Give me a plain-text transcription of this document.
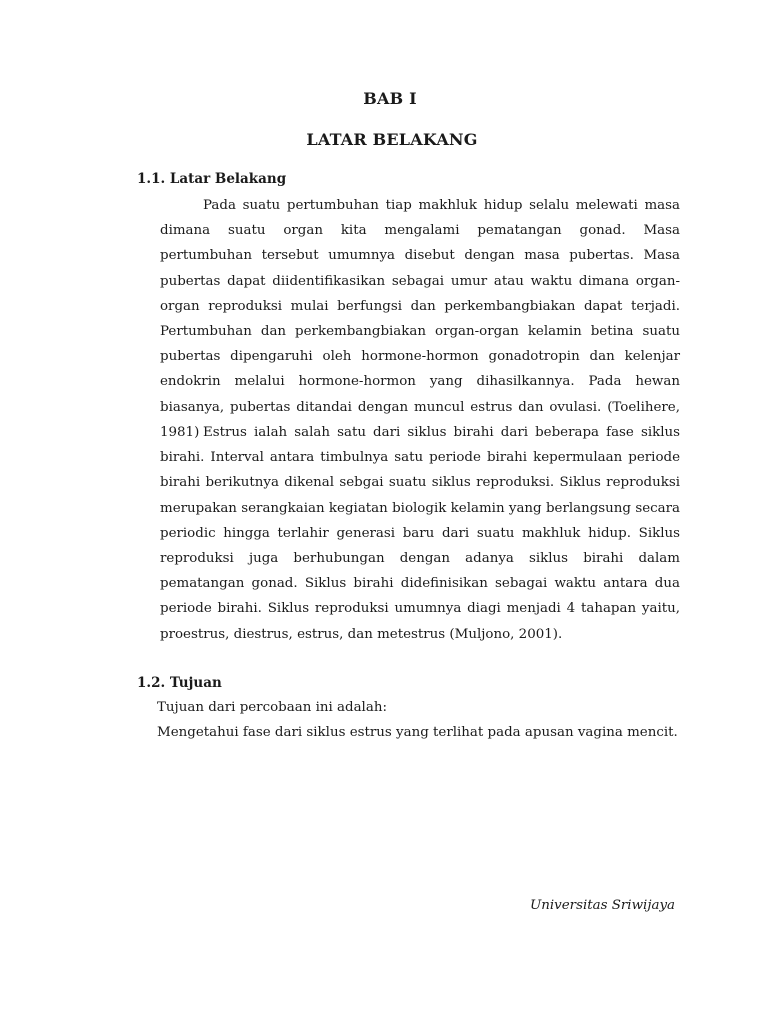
BAB I
LATAR BELAKANG
1.1. Latar Belakang

Pada suatu pertumbuhan tiap makhluk hidup selalu melewati masa dimana suatu organ kita mengalami pematangan gonad. Masa pertumbuhan tersebut umumnya disebut dengan masa pubertas. Masa pubertas dapat diidentifikasikan sebagai umur atau waktu dimana organ-organ reproduksi mulai berfungsi dan perkembangbiakan dapat terjadi. Pertumbuhan dan perkembangbiakan organ-organ kelamin betina suatu pubertas dipengaruhi oleh hormone-hormon gonadotropin dan kelenjar endokrin melalui hormone-hormon yang dihasilkannya. Pada hewan biasanya, pubertas ditandai dengan muncul estrus dan ovulasi. (Toelihere, 1981) Estrus ialah salah satu dari siklus birahi dari beberapa fase siklus birahi. Interval antara timbulnya satu periode birahi kepermulaan periode birahi berikutnya dikenal sebgai suatu siklus reproduksi. Siklus reproduksi merupakan serangkaian kegiatan biologik kelamin yang berlangsung secara periodic hingga terlahir generasi baru dari suatu makhluk hidup. Siklus reproduksi juga berhubungan dengan adanya siklus birahi dalam pematangan gonad. Siklus birahi didefinisikan sebagai waktu antara dua periode birahi. Siklus reproduksi umumnya diagi menjadi 4 tahapan yaitu, proestrus, diestrus, estrus, dan metestrus (Muljono, 2001).

1.2. Tujuan
Tujuan dari percobaan ini adalah:
Mengetahui fase dari siklus estrus yang terlihat pada apusan vagina mencit.
Universitas Sriwijaya
